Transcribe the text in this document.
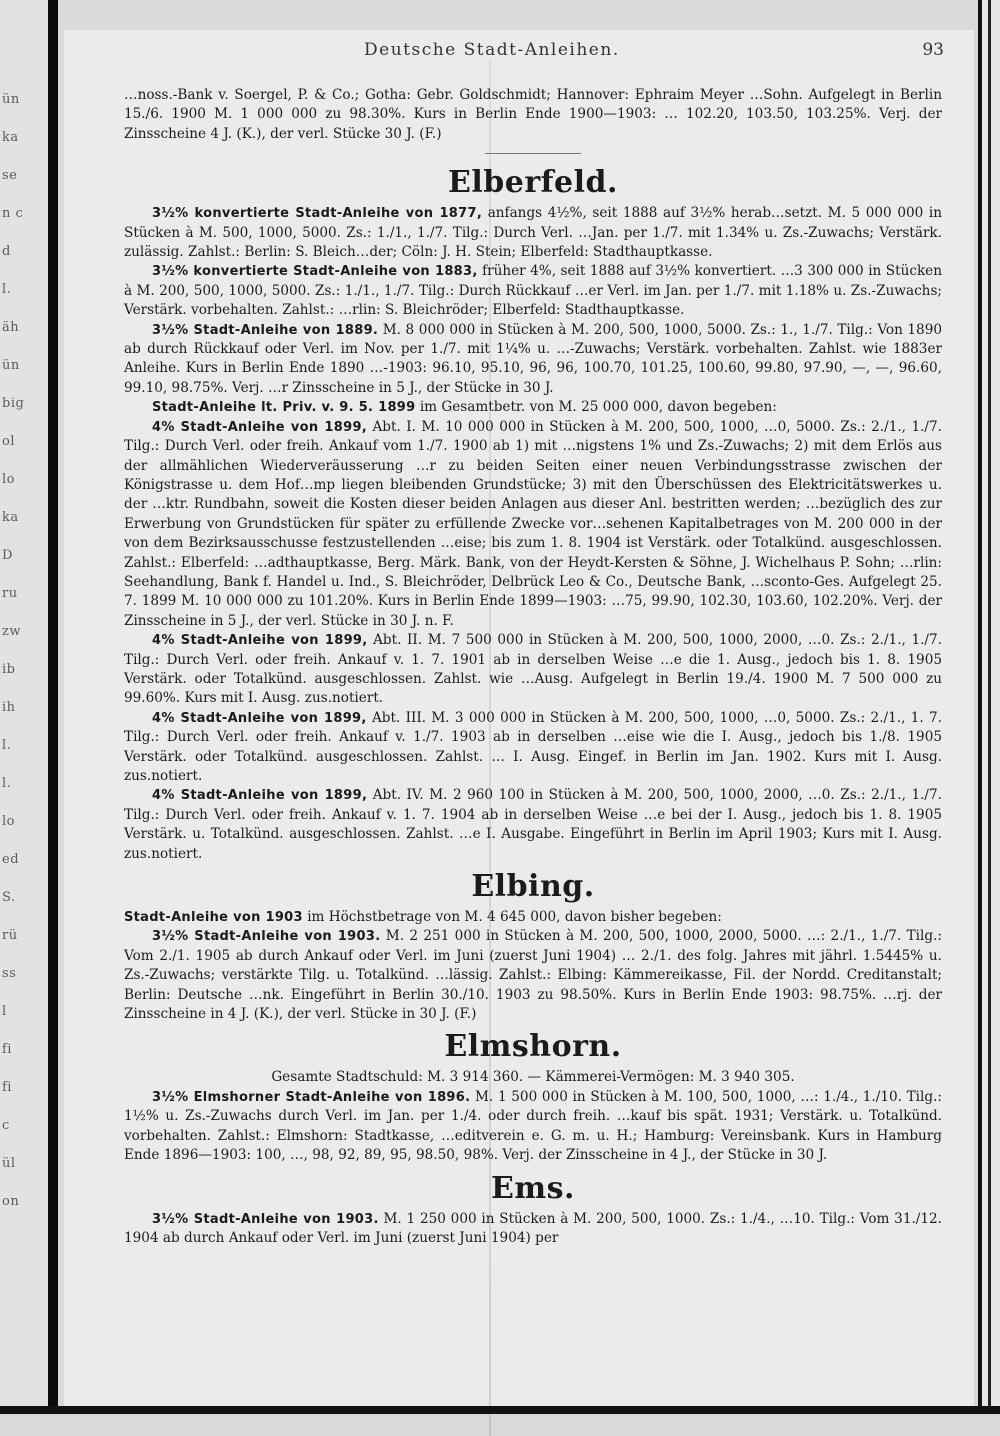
ün
ka
se
n c
d
l.
äh
ün
big
ol
lo
ka
D
ru
zw
ib
ih
l.
l.
lo
ed
S.
rü
ss
l
fi
fi
c
ül
on
Deutsche Stadt-Anleihen.	93

…noss.-Bank v. Soergel, P. & Co.; Gotha: Gebr. Goldschmidt; Hannover: Ephraim Meyer …Sohn. Aufgelegt in Berlin 15./6. 1900 M. 1 000 000 zu 98.30%. Kurs in Berlin Ende 1900—1903: … 102.20, 103.50, 103.25%. Verj. der Zinsscheine 4 J. (K.), der verl. Stücke 30 J. (F.)

Elberfeld.

3½% konvertierte Stadt-Anleihe von 1877, anfangs 4½%, seit 1888 auf 3½% herab…setzt. M. 5 000 000 in Stücken à M. 500, 1000, 5000. Zs.: 1./1., 1./7. Tilg.: Durch Verl. …Jan. per 1./7. mit 1.34% u. Zs.-Zuwachs; Verstärk. zulässig. Zahlst.: Berlin: S. Bleich…der; Cöln: J. H. Stein; Elberfeld: Stadthauptkasse.

3½% konvertierte Stadt-Anleihe von 1883, früher 4%, seit 1888 auf 3½% konvertiert. …3 300 000 in Stücken à M. 200, 500, 1000, 5000. Zs.: 1./1., 1./7. Tilg.: Durch Rückkauf …er Verl. im Jan. per 1./7. mit 1.18% u. Zs.-Zuwachs; Verstärk. vorbehalten. Zahlst.: …rlin: S. Bleichröder; Elberfeld: Stadthauptkasse.

3½% Stadt-Anleihe von 1889. M. 8 000 000 in Stücken à M. 200, 500, 1000, 5000. Zs.: 1., 1./7. Tilg.: Von 1890 ab durch Rückkauf oder Verl. im Nov. per 1./7. mit 1¼% u. …-Zuwachs; Verstärk. vorbehalten. Zahlst. wie 1883er Anleihe. Kurs in Berlin Ende 1890 …-1903: 96.10, 95.10, 96, 96, 100.70, 101.25, 100.60, 99.80, 97.90, —, —, 96.60, 99.10, 98.75%. Verj. …r Zinsscheine in 5 J., der Stücke in 30 J.

Stadt-Anleihe lt. Priv. v. 9. 5. 1899 im Gesamtbetr. von M. 25 000 000, davon begeben:

4% Stadt-Anleihe von 1899, Abt. I. M. 10 000 000 in Stücken à M. 200, 500, 1000, …0, 5000. Zs.: 2./1., 1./7. Tilg.: Durch Verl. oder freih. Ankauf vom 1./7. 1900 ab 1) mit …nigstens 1% und Zs.-Zuwachs; 2) mit dem Erlös aus der allmählichen Wiederveräusserung …r zu beiden Seiten einer neuen Verbindungsstrasse zwischen der Königstrasse u. dem Hof…mp liegen bleibenden Grundstücke; 3) mit den Überschüssen des Elektricitätswerkes u. der …ktr. Rundbahn, soweit die Kosten dieser beiden Anlagen aus dieser Anl. bestritten werden; …bezüglich des zur Erwerbung von Grundstücken für später zu erfüllende Zwecke vor…sehenen Kapitalbetrages von M. 200 000 in der von dem Bezirksausschusse festzustellenden …eise; bis zum 1. 8. 1904 ist Verstärk. oder Totalkünd. ausgeschlossen. Zahlst.: Elberfeld: …adthauptkasse, Berg. Märk. Bank, von der Heydt-Kersten & Söhne, J. Wichelhaus P. Sohn; …rlin: Seehandlung, Bank f. Handel u. Ind., S. Bleichröder, Delbrück Leo & Co., Deutsche Bank, …sconto-Ges. Aufgelegt 25. 7. 1899 M. 10 000 000 zu 101.20%. Kurs in Berlin Ende 1899—1903: …75, 99.90, 102.30, 103.60, 102.20%. Verj. der Zinsscheine in 5 J., der verl. Stücke in 30 J. n. F.

4% Stadt-Anleihe von 1899, Abt. II. M. 7 500 000 in Stücken à M. 200, 500, 1000, 2000, …0. Zs.: 2./1., 1./7. Tilg.: Durch Verl. oder freih. Ankauf v. 1. 7. 1901 ab in derselben Weise …e die 1. Ausg., jedoch bis 1. 8. 1905 Verstärk. oder Totalkünd. ausgeschlossen. Zahlst. wie …Ausg. Aufgelegt in Berlin 19./4. 1900 M. 7 500 000 zu 99.60%. Kurs mit I. Ausg. zus.notiert.

4% Stadt-Anleihe von 1899, Abt. III. M. 3 000 000 in Stücken à M. 200, 500, 1000, …0, 5000. Zs.: 2./1., 1. 7. Tilg.: Durch Verl. oder freih. Ankauf v. 1./7. 1903 ab in derselben …eise wie die I. Ausg., jedoch bis 1./8. 1905 Verstärk. oder Totalkünd. ausgeschlossen. Zahlst. … I. Ausg. Eingef. in Berlin im Jan. 1902. Kurs mit I. Ausg. zus.notiert.

4% Stadt-Anleihe von 1899, Abt. IV. M. 2 960 100 in Stücken à M. 200, 500, 1000, 2000, …0. Zs.: 2./1., 1./7. Tilg.: Durch Verl. oder freih. Ankauf v. 1. 7. 1904 ab in derselben Weise …e bei der I. Ausg., jedoch bis 1. 8. 1905 Verstärk. u. Totalkünd. ausgeschlossen. Zahlst. …e I. Ausgabe. Eingeführt in Berlin im April 1903; Kurs mit I. Ausg. zus.notiert.

Elbing.

Stadt-Anleihe von 1903 im Höchstbetrage von M. 4 645 000, davon bisher begeben:

3½% Stadt-Anleihe von 1903. M. 2 251 000 in Stücken à M. 200, 500, 1000, 2000, 5000. …: 2./1., 1./7. Tilg.: Vom 2./1. 1905 ab durch Ankauf oder Verl. im Juni (zuerst Juni 1904) … 2./1. des folg. Jahres mit jährl. 1.5445% u. Zs.-Zuwachs; verstärkte Tilg. u. Totalkünd. …lässig. Zahlst.: Elbing: Kämmereikasse, Fil. der Nordd. Creditanstalt; Berlin: Deutsche …nk. Eingeführt in Berlin 30./10. 1903 zu 98.50%. Kurs in Berlin Ende 1903: 98.75%. …rj. der Zinsscheine in 4 J. (K.), der verl. Stücke in 30 J. (F.)

Elmshorn.

Gesamte Stadtschuld: M. 3 914 360. — Kämmerei-Vermögen: M. 3 940 305.

3½% Elmshorner Stadt-Anleihe von 1896. M. 1 500 000 in Stücken à M. 100, 500, 1000, …: 1./4., 1./10. Tilg.: 1½% u. Zs.-Zuwachs durch Verl. im Jan. per 1./4. oder durch freih. …kauf bis spät. 1931; Verstärk. u. Totalkünd. vorbehalten. Zahlst.: Elmshorn: Stadtkasse, …editverein e. G. m. u. H.; Hamburg: Vereinsbank. Kurs in Hamburg Ende 1896—1903: 100, …, 98, 92, 89, 95, 98.50, 98%. Verj. der Zinsscheine in 4 J., der Stücke in 30 J.

Ems.

3½% Stadt-Anleihe von 1903. M. 1 250 000 in Stücken à M. 200, 500, 1000. Zs.: 1./4., …10. Tilg.: Vom 31./12. 1904 ab durch Ankauf oder Verl. im Juni (zuerst Juni 1904) per
